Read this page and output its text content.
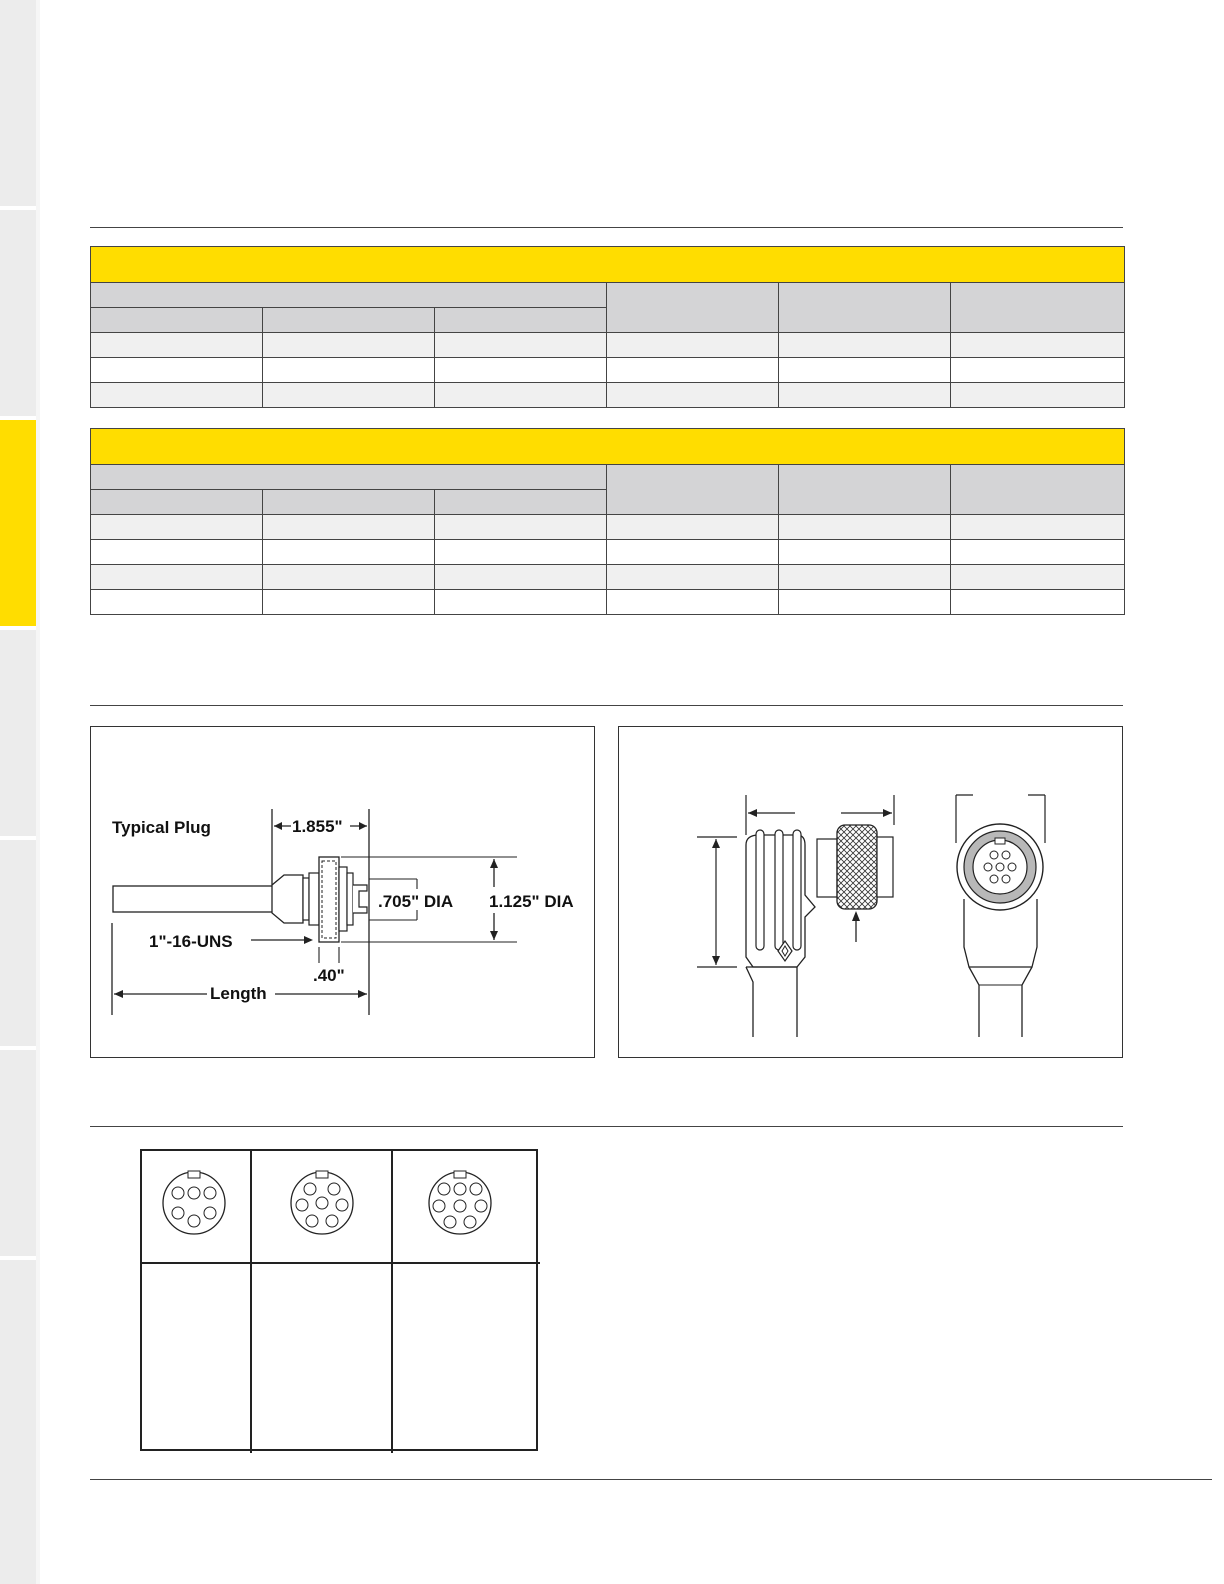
Typical Plug	1.855"
.705" DIA 1.125" DIA
1"-16-UNS
.40"
Length
